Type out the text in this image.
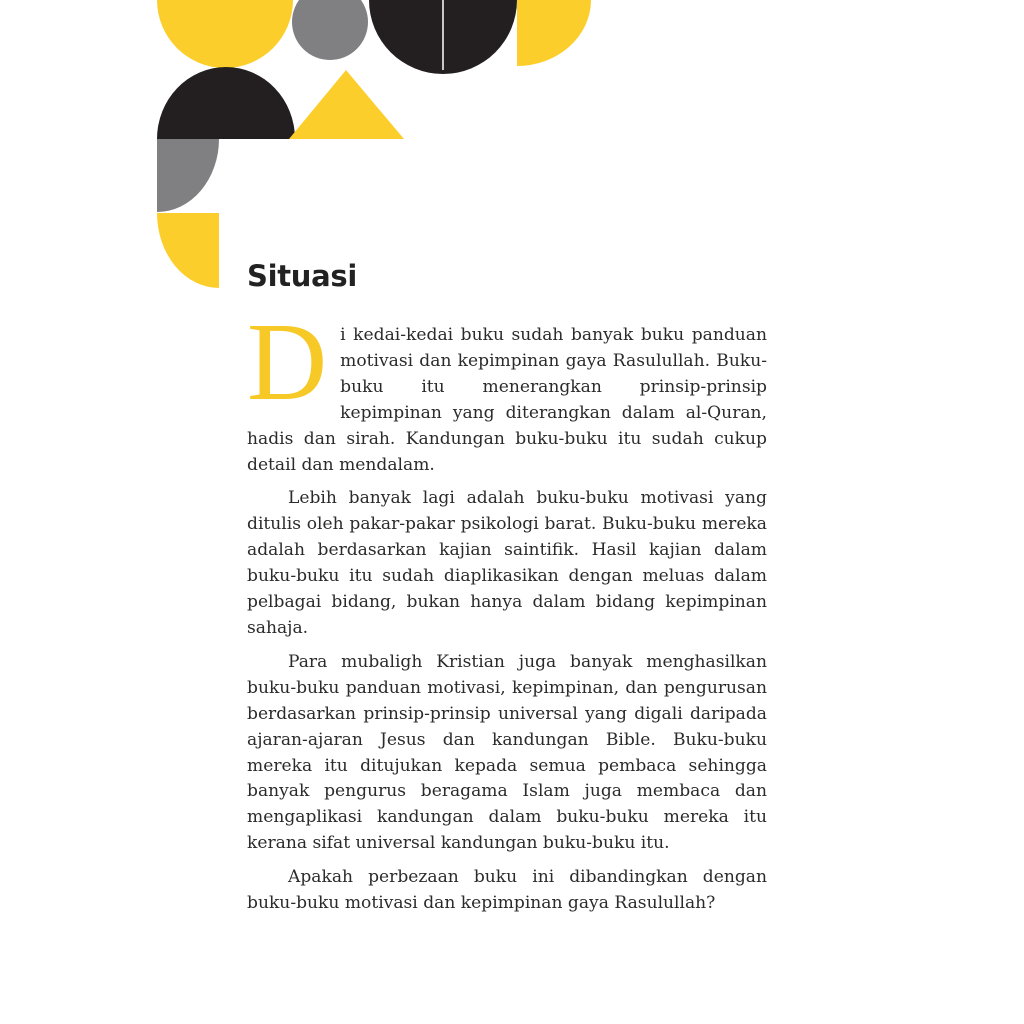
Situasi

Di kedai-kedai buku sudah banyak buku panduan motivasi dan kepimpinan gaya Rasulullah. Buku-buku itu menerangkan prinsip-prinsip kepimpinan yang diterangkan dalam al-Quran, hadis dan sirah. Kandungan buku-buku itu sudah cukup detail dan mendalam.

Lebih banyak lagi adalah buku-buku motivasi yang ditulis oleh pakar-pakar psikologi barat. Buku-buku mereka adalah berdasarkan kajian saintifik. Hasil kajian dalam buku-buku itu sudah diaplikasikan dengan meluas dalam pelbagai bidang, bukan hanya dalam bidang kepimpinan sahaja.

Para mubaligh Kristian juga banyak menghasilkan buku-buku panduan motivasi, kepimpinan, dan pengurusan berdasarkan prinsip-prinsip universal yang digali daripada ajaran-ajaran Jesus dan kandungan Bible. Buku-buku mereka itu ditujukan kepada semua pembaca sehingga banyak pengurus beragama Islam juga membaca dan mengaplikasi kandungan dalam buku-buku mereka itu kerana sifat universal kandungan buku-buku itu.

Apakah perbezaan buku ini dibandingkan dengan buku-buku motivasi dan kepimpinan gaya Rasulullah?
